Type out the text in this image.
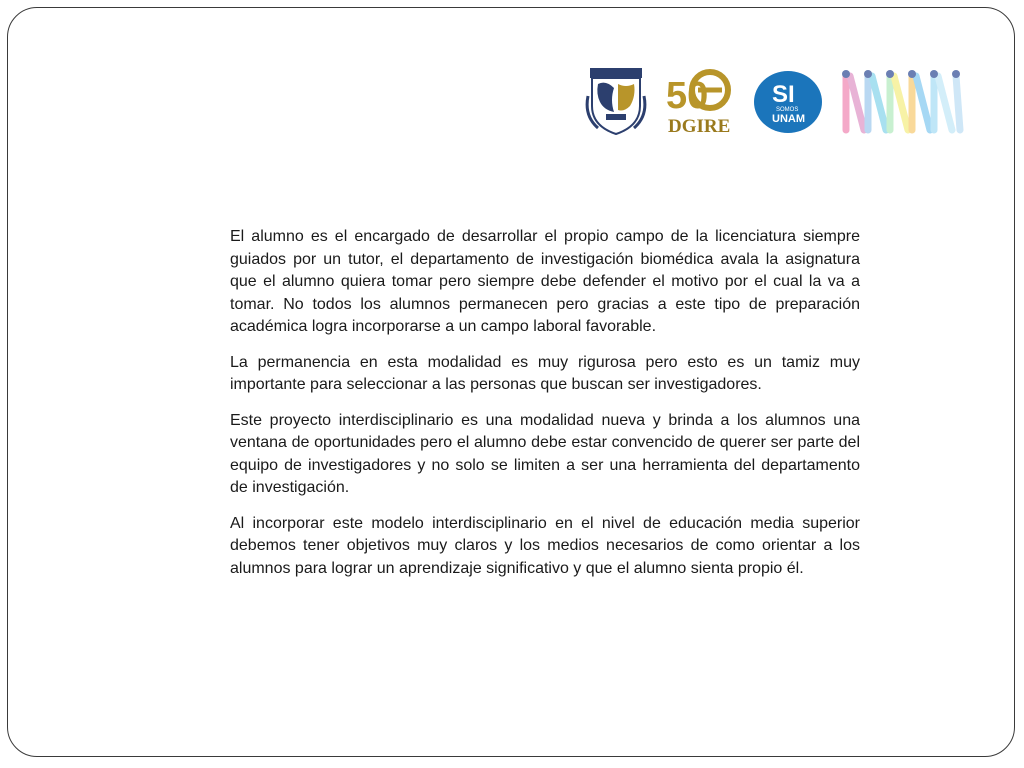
50
DGIRE
SI
SOMOS
UNAM

El alumno es el encargado de desarrollar el propio campo de la licenciatura siempre guiados por un tutor, el departamento de investigación biomédica avala la asignatura que el alumno quiera tomar pero siempre debe defender el motivo por el cual la va a tomar. No todos los alumnos permanecen pero gracias a este tipo de preparación académica logra incorporarse a un campo laboral favorable.

La permanencia en esta modalidad es muy rigurosa pero esto es un tamiz muy importante para seleccionar a las personas que buscan ser investigadores.

Este proyecto interdisciplinario es una modalidad nueva y brinda a los alumnos una ventana de oportunidades pero el alumno debe estar convencido de querer ser parte del equipo de investigadores y no solo se limiten a ser una herramienta del departamento de investigación.

Al incorporar este modelo interdisciplinario en el nivel de educación media superior debemos tener objetivos muy claros y los medios necesarios de como orientar a los alumnos para lograr un aprendizaje significativo y que el alumno sienta propio él.
